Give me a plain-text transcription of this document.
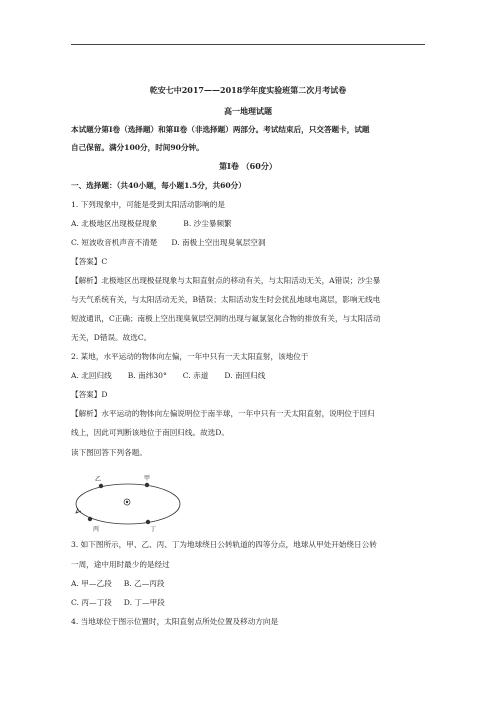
乾安七中2017——2018学年度实验班第二次月考试卷
高一地理试题
本试题分第Ⅰ卷（选择题）和第Ⅱ卷（非选择题）两部分。考试结束后，只交答题卡，试题
自己保留。满分100分，时间90分钟。
第Ⅰ卷 （60分）
一、选择题：（共40小题，每小题1.5分，共60分）
1. 下列现象中，可能是受到太阳活动影响的是
A. 北极地区出现极昼现象	B. 沙尘暴频繁
C. 短波收音机声音不清楚 D. 南极上空出现臭氧层空洞
【答案】C
【解析】北极地区出现极昼现象与太阳直射点的移动有关，与太阳活动无关，A错误；沙尘暴
与天气系统有关，与太阳活动无关，B错误；太阳活动发生时会扰乱地球电离层，影响无线电
短波通讯，C正确；南极上空出现臭氧层空洞的出现与氟氯氢化合物的排放有关，与太阳活动
无关，D错误。故选C。
2. 某地，水平运动的物体向左偏，一年中只有一天太阳直射，该地位于
A. 北回归线 B. 南纬30° C. 赤道 D. 南回归线
【答案】D
【解析】水平运动的物体向左偏说明位于南半球，一年中只有一天太阳直射，说明位于回归
线上，因此可判断该地位于南回归线。故选D。
读下图回答下列各题。
甲
乙
丙	丁
3. 如下图所示，甲、乙、丙、丁为地球绕日公转轨道的四等分点，地球从甲处开始绕日公转
一周，途中用时最少的是经过
A. 甲—乙段 B. 乙—丙段
C. 丙—丁段 D. 丁—甲段
4. 当地球位于图示位置时，太阳直射点所处位置及移动方向是
